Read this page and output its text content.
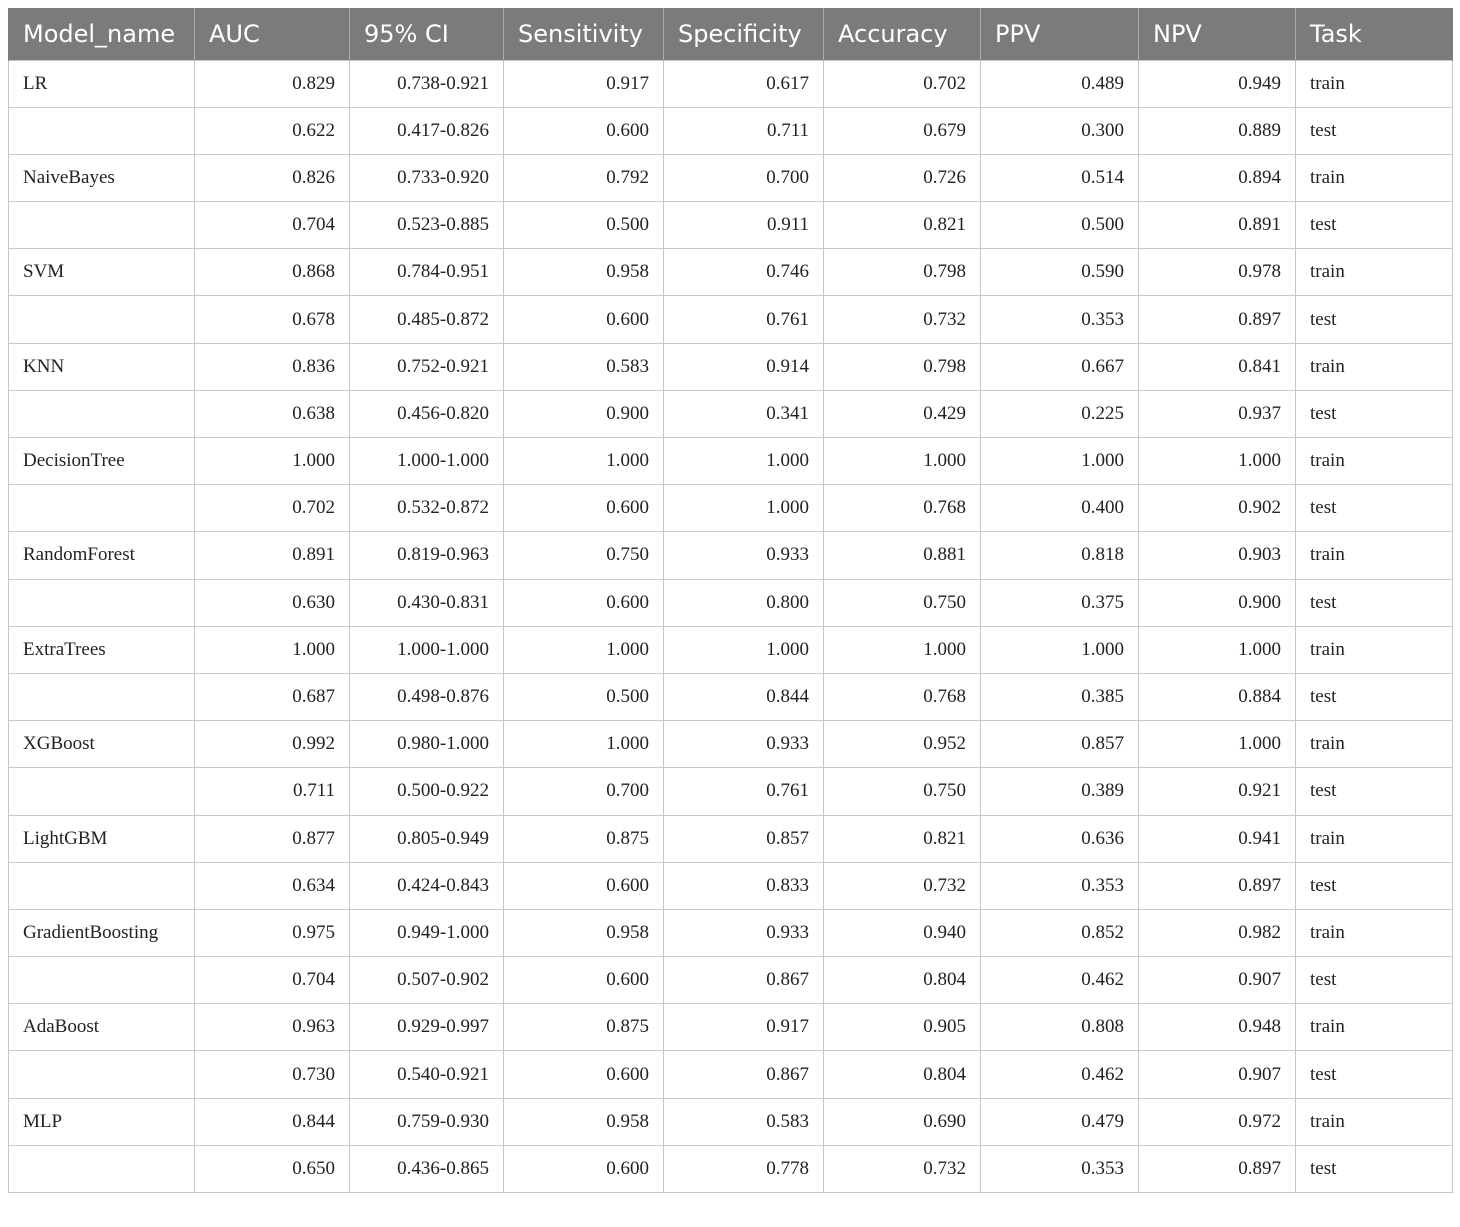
Model_name	AUC	95% CI	Sensitivity	Specificity	Accuracy	PPV	NPV	Task
LR	0.829	0.738-0.921	0.917	0.617	0.702	0.489	0.949	train
	0.622	0.417-0.826	0.600	0.711	0.679	0.300	0.889	test
NaiveBayes	0.826	0.733-0.920	0.792	0.700	0.726	0.514	0.894	train
	0.704	0.523-0.885	0.500	0.911	0.821	0.500	0.891	test
SVM	0.868	0.784-0.951	0.958	0.746	0.798	0.590	0.978	train
	0.678	0.485-0.872	0.600	0.761	0.732	0.353	0.897	test
KNN	0.836	0.752-0.921	0.583	0.914	0.798	0.667	0.841	train
	0.638	0.456-0.820	0.900	0.341	0.429	0.225	0.937	test
DecisionTree	1.000	1.000-1.000	1.000	1.000	1.000	1.000	1.000	train
	0.702	0.532-0.872	0.600	1.000	0.768	0.400	0.902	test
RandomForest	0.891	0.819-0.963	0.750	0.933	0.881	0.818	0.903	train
	0.630	0.430-0.831	0.600	0.800	0.750	0.375	0.900	test
ExtraTrees	1.000	1.000-1.000	1.000	1.000	1.000	1.000	1.000	train
	0.687	0.498-0.876	0.500	0.844	0.768	0.385	0.884	test
XGBoost	0.992	0.980-1.000	1.000	0.933	0.952	0.857	1.000	train
	0.711	0.500-0.922	0.700	0.761	0.750	0.389	0.921	test
LightGBM	0.877	0.805-0.949	0.875	0.857	0.821	0.636	0.941	train
	0.634	0.424-0.843	0.600	0.833	0.732	0.353	0.897	test
GradientBoosting	0.975	0.949-1.000	0.958	0.933	0.940	0.852	0.982	train
	0.704	0.507-0.902	0.600	0.867	0.804	0.462	0.907	test
AdaBoost	0.963	0.929-0.997	0.875	0.917	0.905	0.808	0.948	train
	0.730	0.540-0.921	0.600	0.867	0.804	0.462	0.907	test
MLP	0.844	0.759-0.930	0.958	0.583	0.690	0.479	0.972	train
	0.650	0.436-0.865	0.600	0.778	0.732	0.353	0.897	test
